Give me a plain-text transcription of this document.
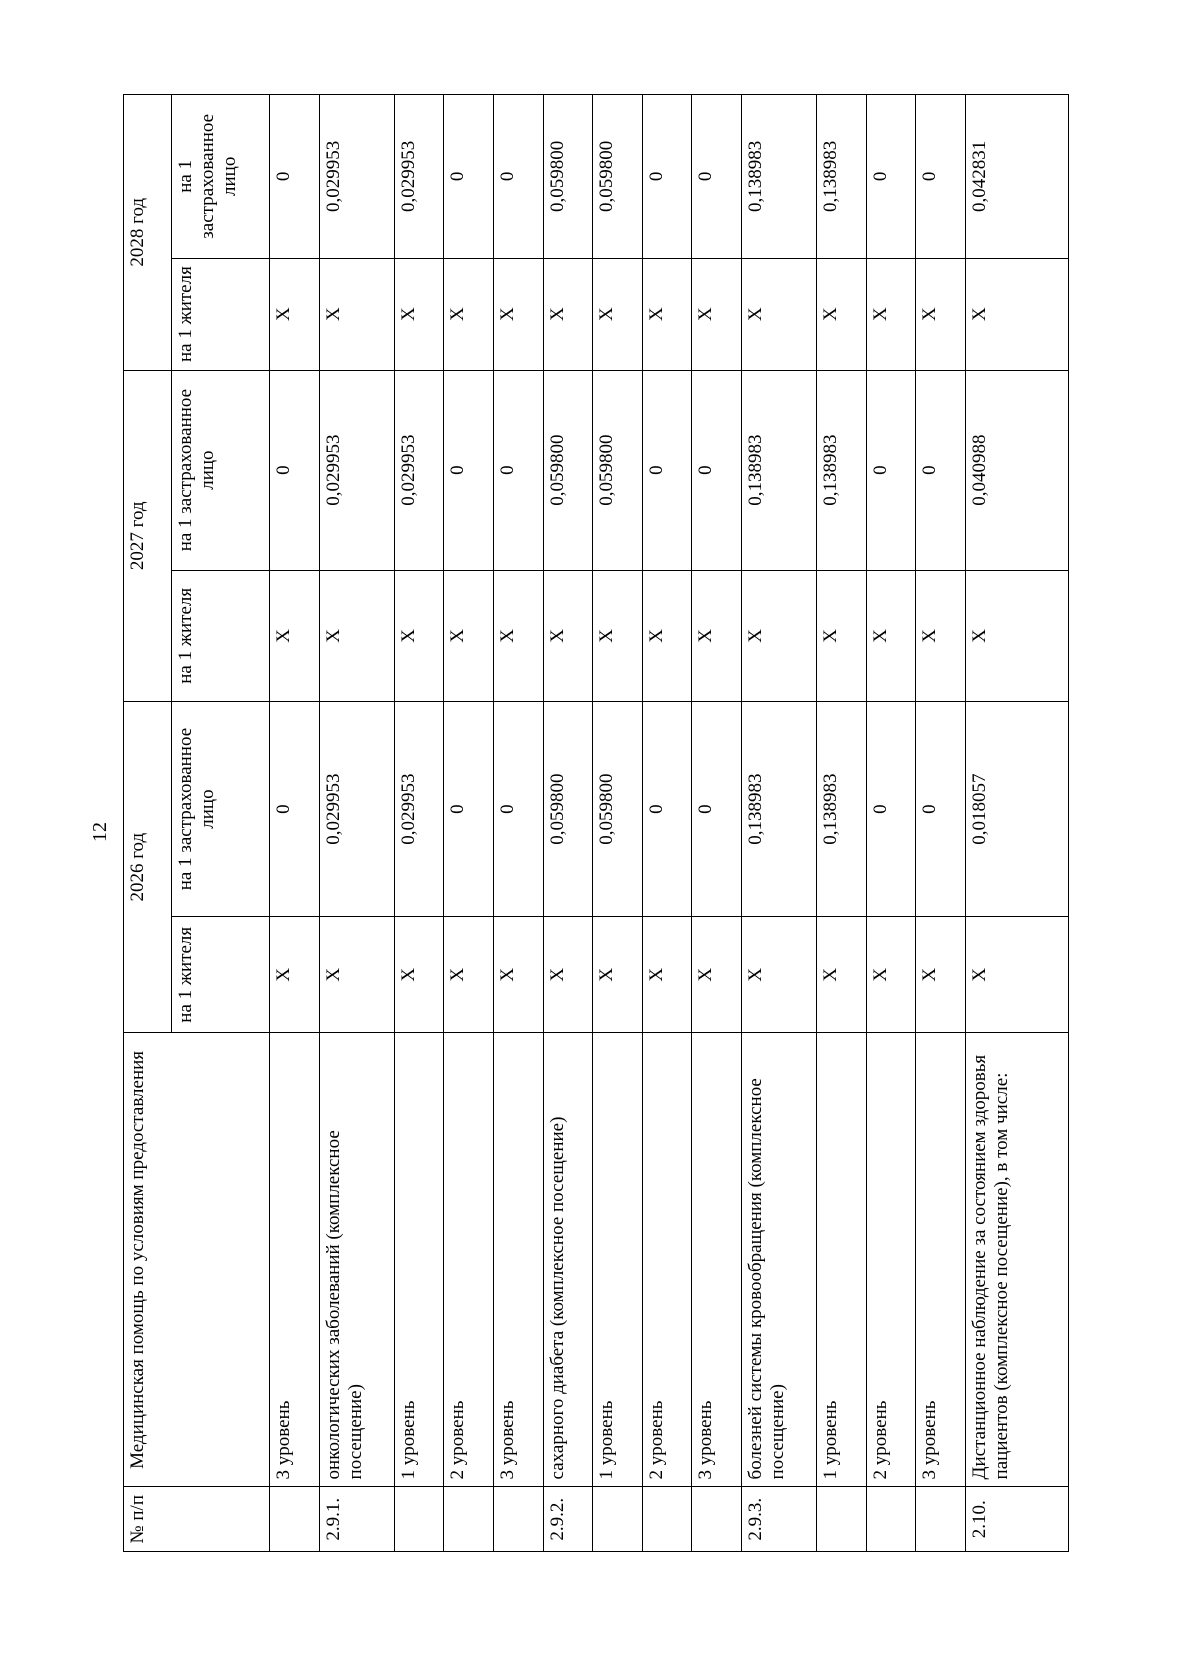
12
№ п/п	Медицинская помощь по условиям предоставления	2026 год		2027 год		2028 год	
		на 1 жителя	на 1 застрахованное лицо	на 1 жителя	на 1 застрахованное лицо	на 1 жителя	на 1 застрахованное лицо
	3 уровень	X	0	X	0	X	0
2.9.1.	онкологических заболеваний (комплексное посещение)	X	0,029953	X	0,029953	X	0,029953
	1 уровень	X	0,029953	X	0,029953	X	0,029953
	2 уровень	X	0	X	0	X	0
	3 уровень	X	0	X	0	X	0
2.9.2.	сахарного диабета (комплексное посещение)	X	0,059800	X	0,059800	X	0,059800
	1 уровень	X	0,059800	X	0,059800	X	0,059800
	2 уровень	X	0	X	0	X	0
	3 уровень	X	0	X	0	X	0
2.9.3.	болезней системы кровообращения (комплексное посещение)	X	0,138983	X	0,138983	X	0,138983
	1 уровень	X	0,138983	X	0,138983	X	0,138983
	2 уровень	X	0	X	0	X	0
	3 уровень	X	0	X	0	X	0
2.10.	Дистанционное наблюдение за состоянием здоровья пациентов (комплексное посещение), в том числе:	X	0,018057	X	0,040988	X	0,042831
